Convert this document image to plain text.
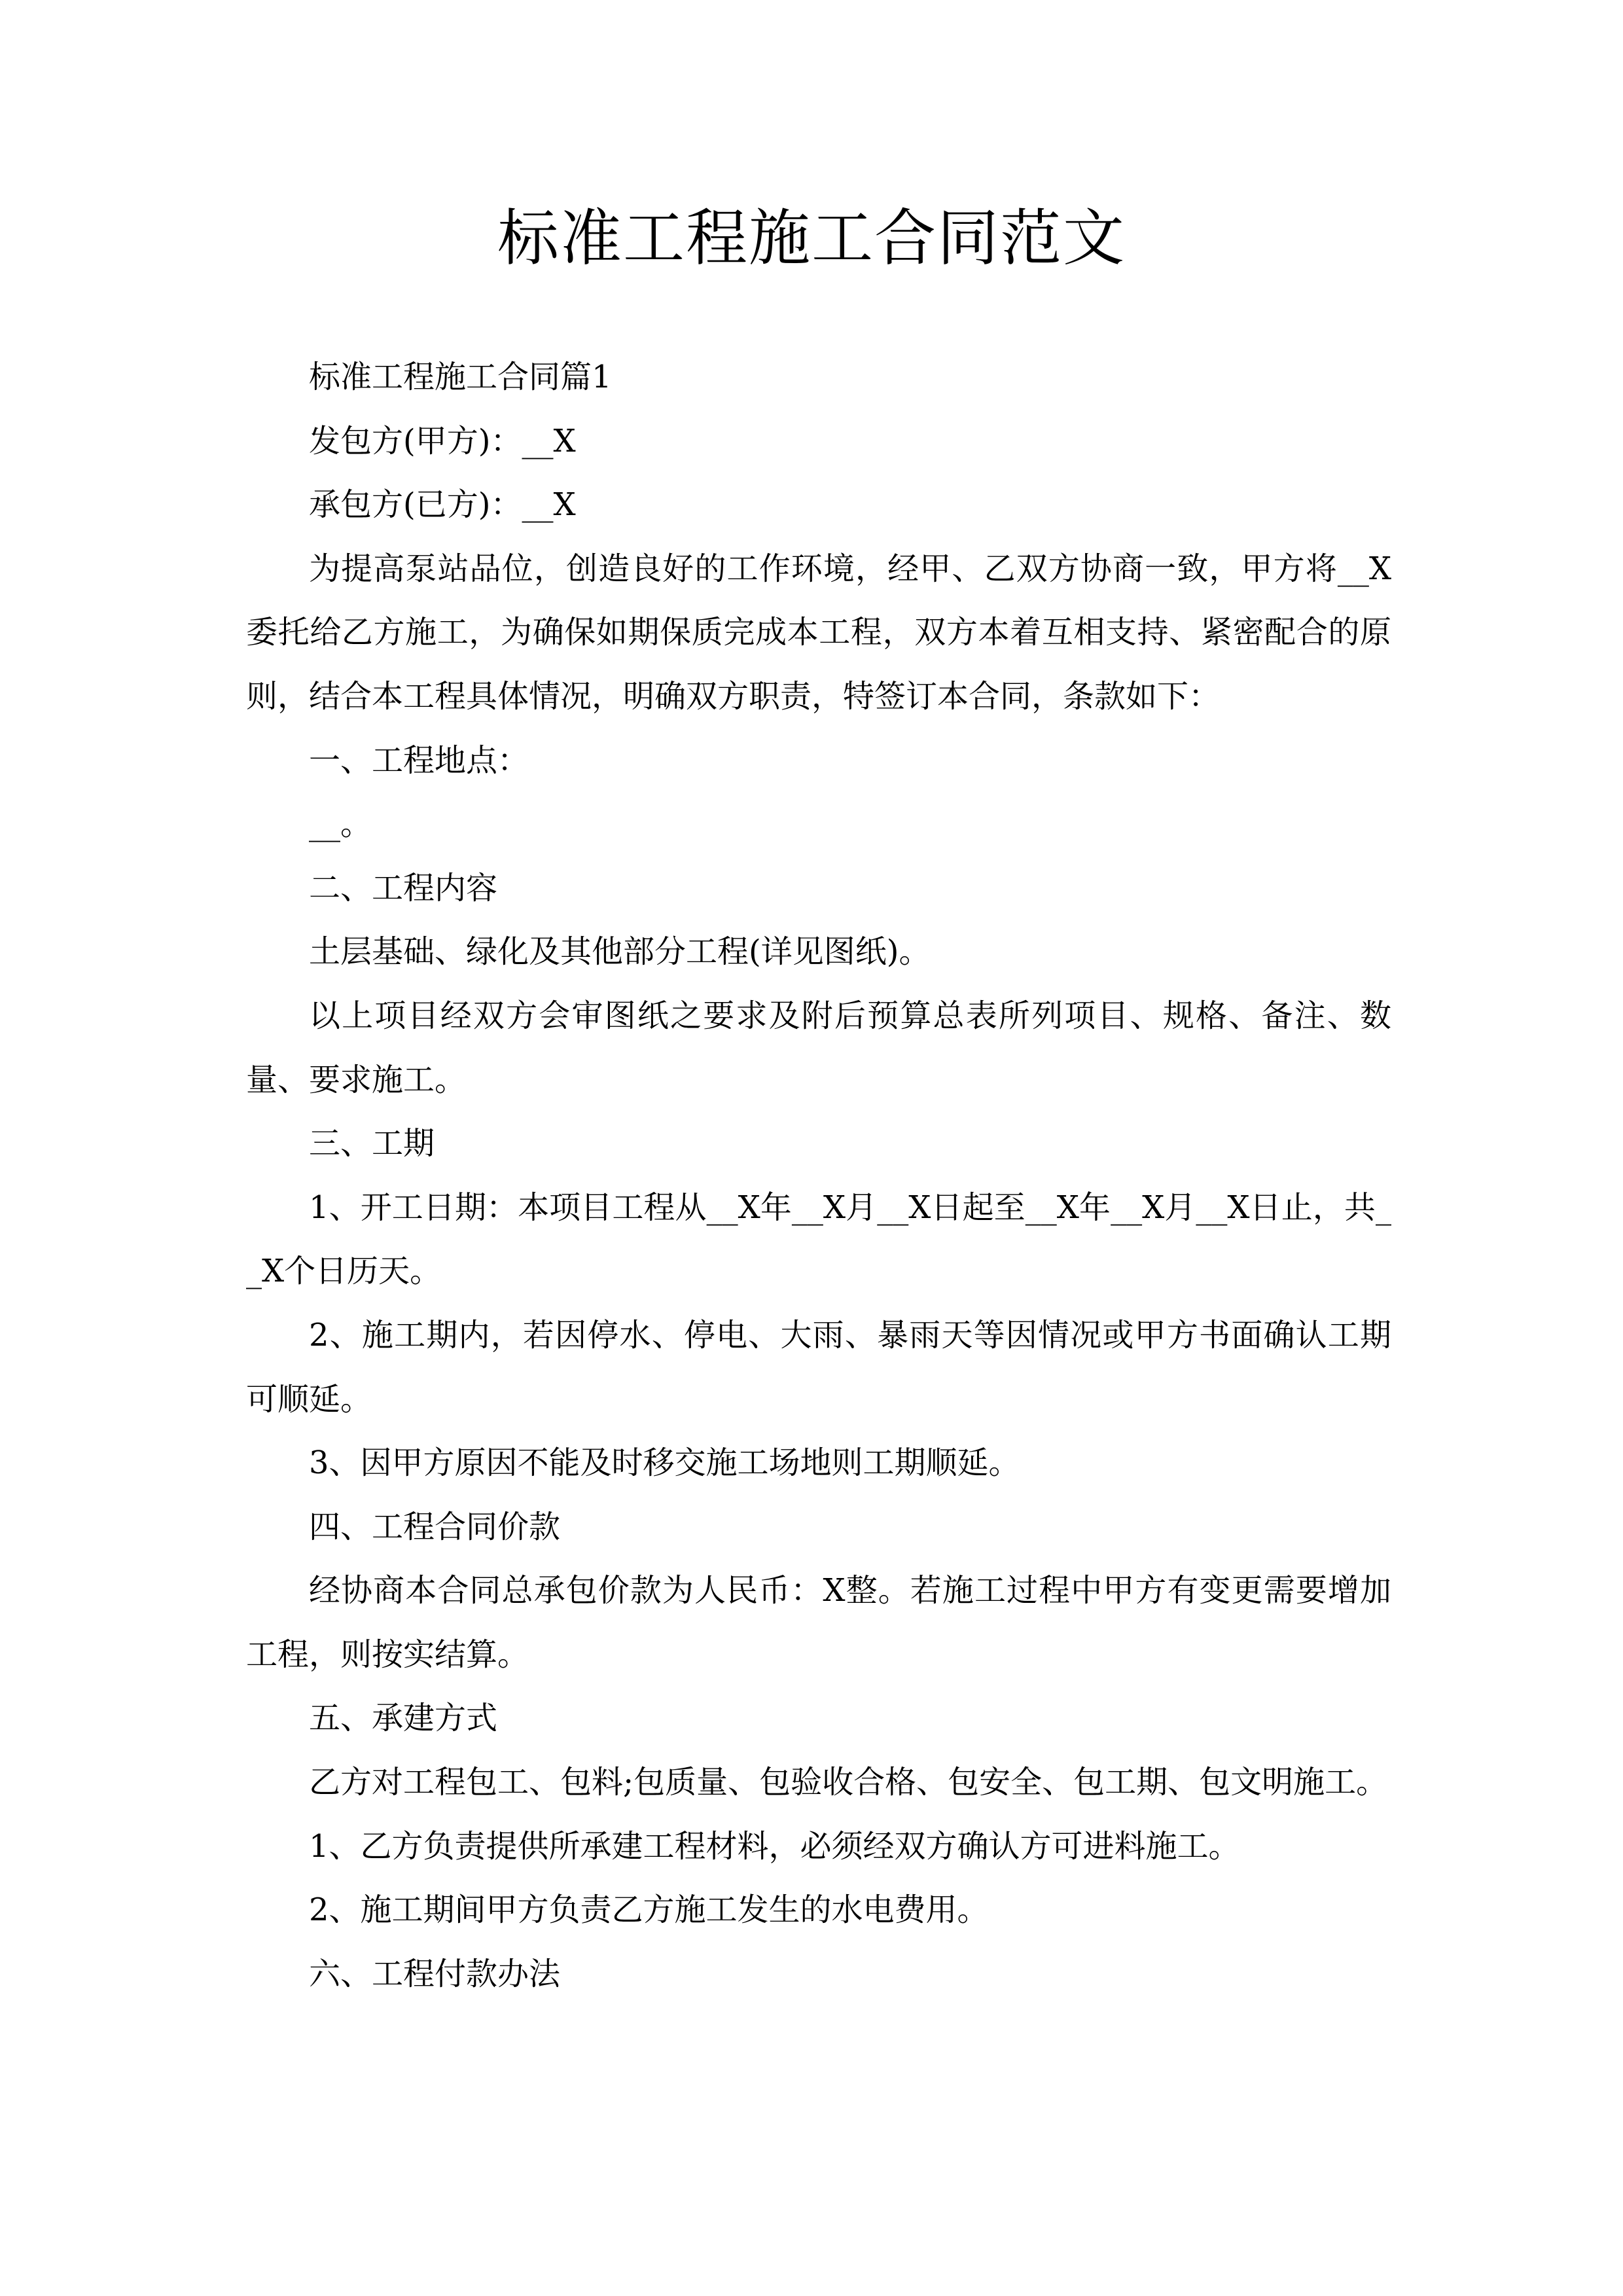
标准工程施工合同范文

标准工程施工合同篇1

发包方(甲方)：__X

承包方(已方)：__X

为提高泵站品位，创造良好的工作环境，经甲、乙双方协商一致，甲方将__X委托给乙方施工，为确保如期保质完成本工程，双方本着互相支持、紧密配合的原则，结合本工程具体情况，明确双方职责，特签订本合同，条款如下：

一、工程地点：

__。

二、工程内容

土层基础、绿化及其他部分工程(详见图纸)。

以上项目经双方会审图纸之要求及附后预算总表所列项目、规格、备注、数量、要求施工。

三、工期

1、开工日期：本项目工程从__X年__X月__X日起至__X年__X月__X日止，共__X个日历天。

2、施工期内，若因停水、停电、大雨、暴雨天等因情况或甲方书面确认工期可顺延。

3、因甲方原因不能及时移交施工场地则工期顺延。

四、工程合同价款

经协商本合同总承包价款为人民币：X整。若施工过程中甲方有变更需要增加工程，则按实结算。

五、承建方式

乙方对工程包工、包料;包质量、包验收合格、包安全、包工期、包文明施工。

1、乙方负责提供所承建工程材料，必须经双方确认方可进料施工。

2、施工期间甲方负责乙方施工发生的水电费用。

六、工程付款办法
